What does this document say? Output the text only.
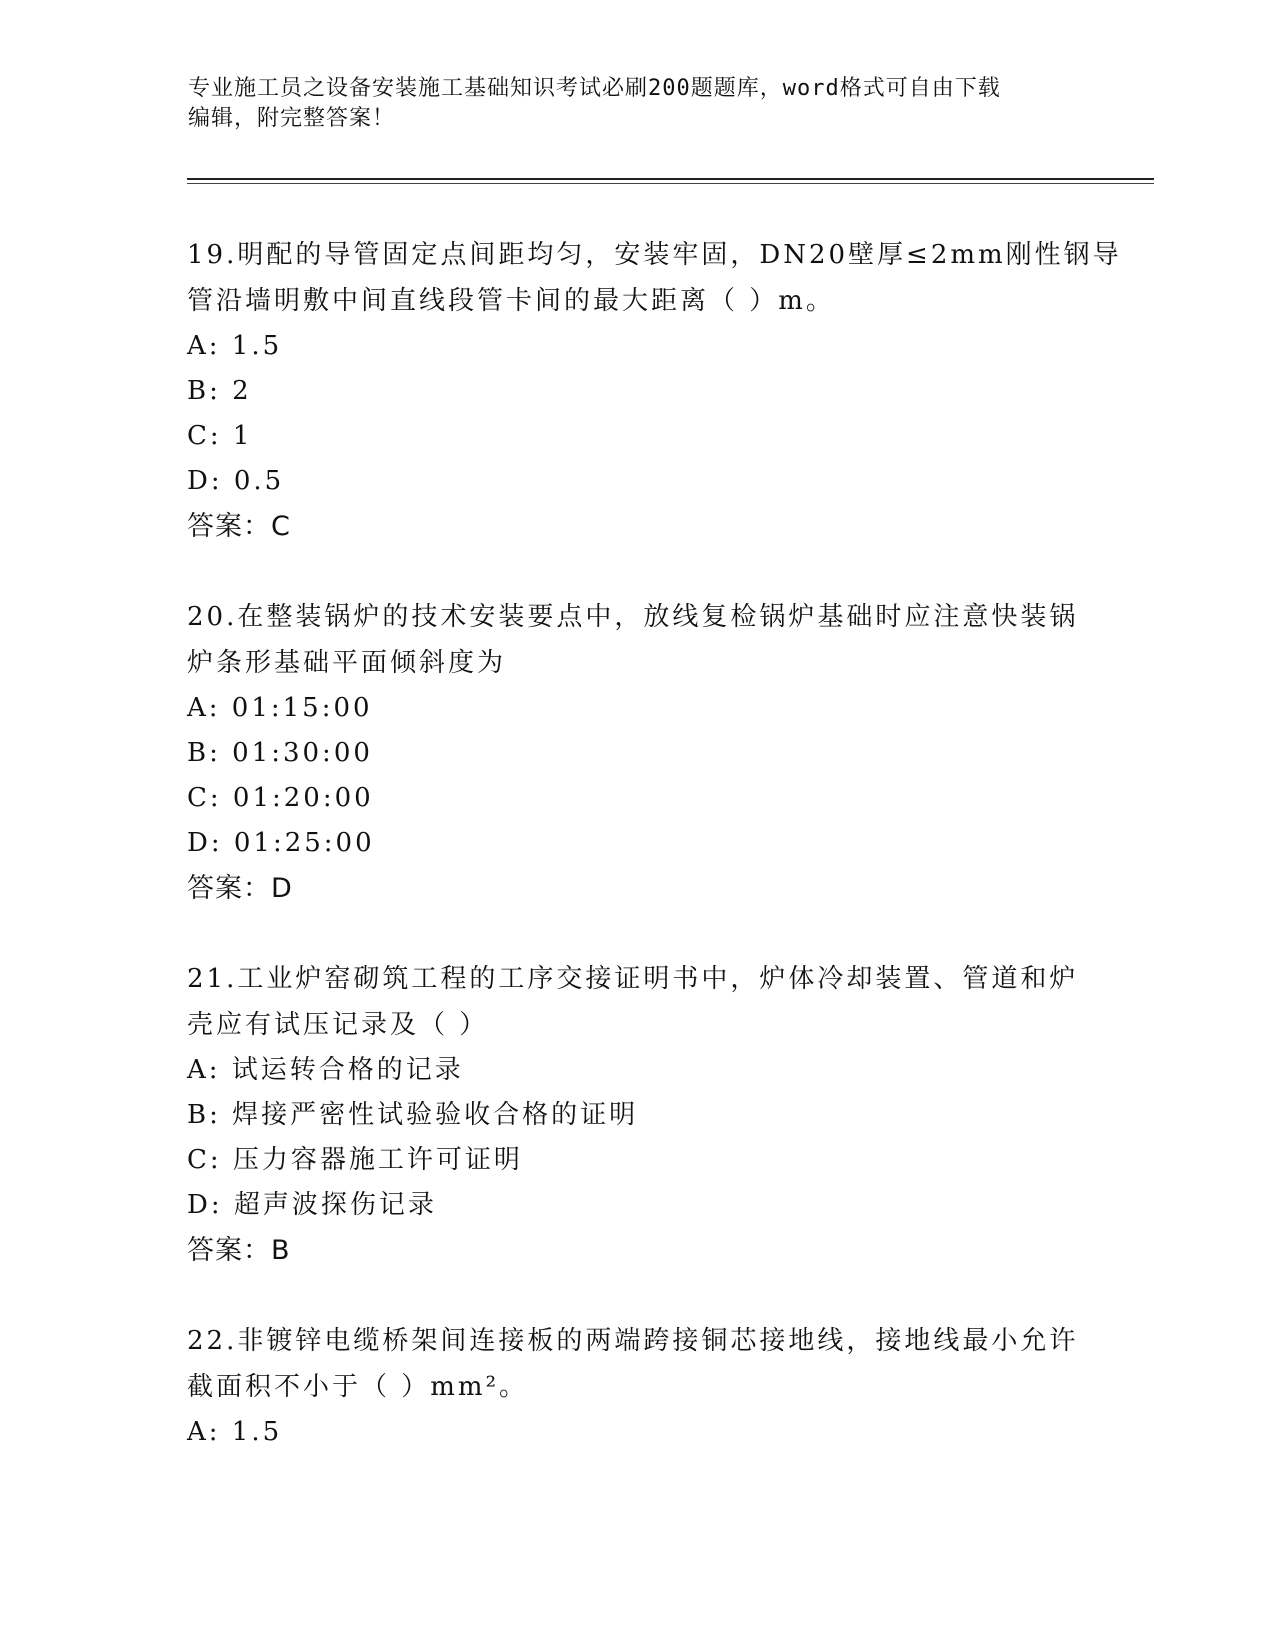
专业施工员之设备安装施工基础知识考试必刷200题题库，word格式可自由下载
编辑，附完整答案！
19.明配的导管固定点间距均匀，安装牢固，DN20壁厚≤2mm刚性钢导
管沿墙明敷中间直线段管卡间的最大距离（ ）m。
A: 1.5
B: 2
C: 1
D: 0.5
答案：C
20.在整装锅炉的技术安装要点中，放线复检锅炉基础时应注意快装锅
炉条形基础平面倾斜度为
A: 01:15:00
B: 01:30:00
C: 01:20:00
D: 01:25:00
答案：D
21.工业炉窑砌筑工程的工序交接证明书中，炉体冷却装置、管道和炉
壳应有试压记录及（ ）
A: 试运转合格的记录
B: 焊接严密性试验验收合格的证明
C: 压力容器施工许可证明
D: 超声波探伤记录
答案：B
22.非镀锌电缆桥架间连接板的两端跨接铜芯接地线，接地线最小允许
截面积不小于（ ）mm²。
A: 1.5
